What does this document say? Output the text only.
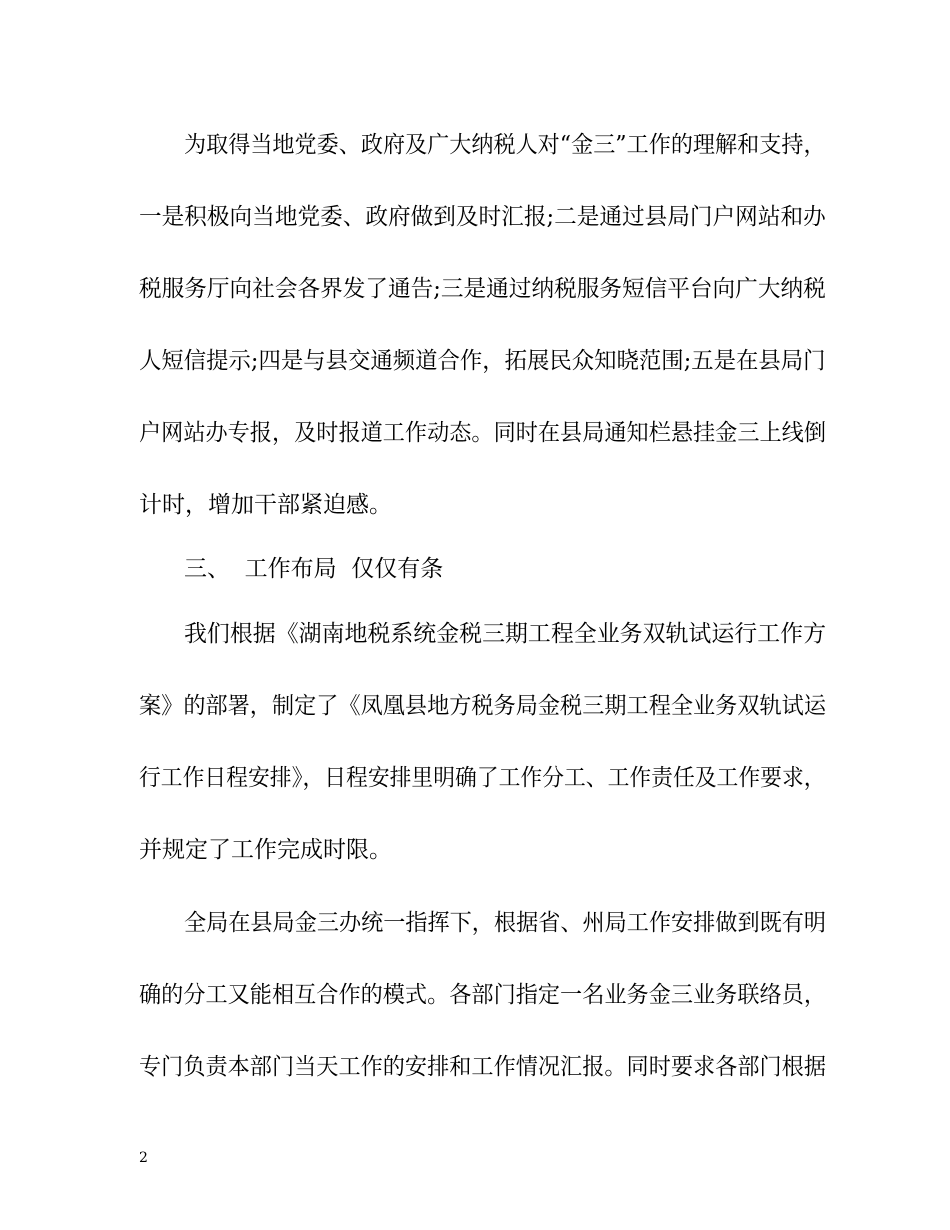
为取得当地党委、政府及广大纳税人对“金三”工作的理解和支持，
一是积极向当地党委、政府做到及时汇报;二是通过县局门户网站和办
税服务厅向社会各界发了通告;三是通过纳税服务短信平台向广大纳税
人短信提示;四是与县交通频道合作，拓展民众知晓范围;五是在县局门
户网站办专报，及时报道工作动态。同时在县局通知栏悬挂金三上线倒
计时，增加干部紧迫感。
三、  工作布局  仅仅有条
我们根据《湖南地税系统金税三期工程全业务双轨试运行工作方
案》的部署，制定了《凤凰县地方税务局金税三期工程全业务双轨试运
行工作日程安排》，日程安排里明确了工作分工、工作责任及工作要求，
并规定了工作完成时限。
全局在县局金三办统一指挥下，根据省、州局工作安排做到既有明
确的分工又能相互合作的模式。各部门指定一名业务金三业务联络员，
专门负责本部门当天工作的安排和工作情况汇报。同时要求各部门根据
2
